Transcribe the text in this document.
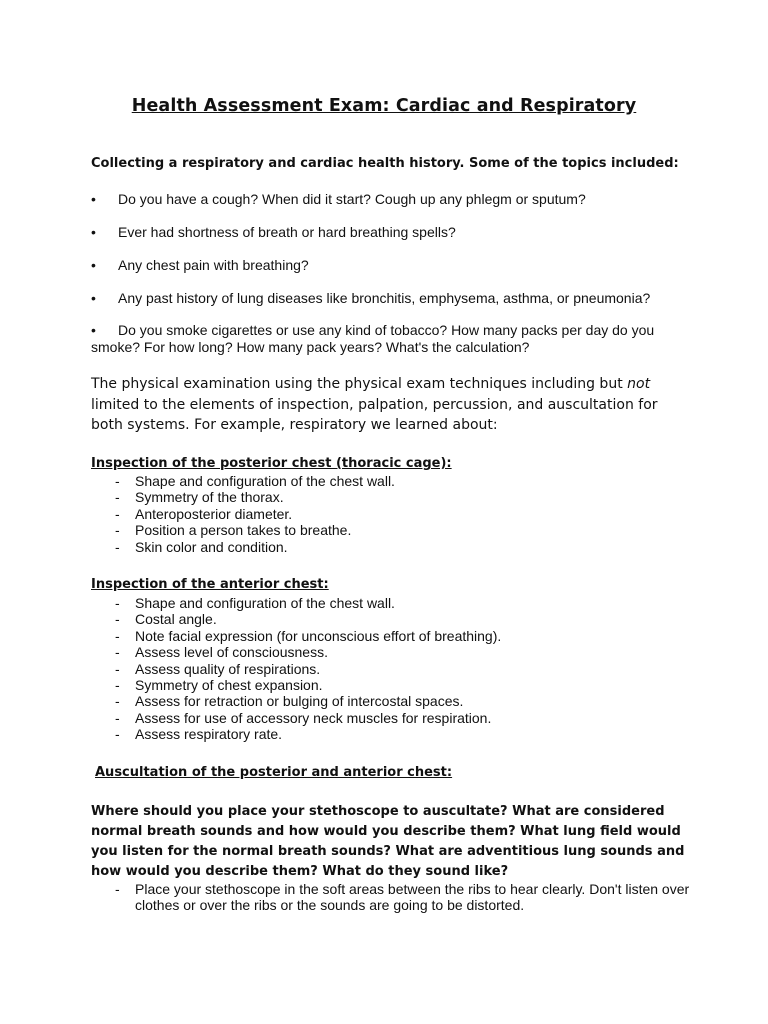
Health Assessment Exam: Cardiac and Respiratory
Collecting a respiratory and cardiac health history. Some of the topics included:
• Do you have a cough? When did it start? Cough up any phlegm or sputum?
• Ever had shortness of breath or hard breathing spells?
• Any chest pain with breathing?
• Any past history of lung diseases like bronchitis, emphysema, asthma, or pneumonia?
• Do you smoke cigarettes or use any kind of tobacco? How many packs per day do you smoke? For how long? How many pack years? What's the calculation?
The physical examination using the physical exam techniques including but not limited to the elements of inspection, palpation, percussion, and auscultation for both systems. For example, respiratory we learned about:
Inspection of the posterior chest (thoracic cage):
- Shape and configuration of the chest wall.
- Symmetry of the thorax.
- Anteroposterior diameter.
- Position a person takes to breathe.
- Skin color and condition.
Inspection of the anterior chest:
- Shape and configuration of the chest wall.
- Costal angle.
- Note facial expression (for unconscious effort of breathing).
- Assess level of consciousness.
- Assess quality of respirations.
- Symmetry of chest expansion.
- Assess for retraction or bulging of intercostal spaces.
- Assess for use of accessory neck muscles for respiration.
- Assess respiratory rate.
Auscultation of the posterior and anterior chest:
Where should you place your stethoscope to auscultate? What are considered normal breath sounds and how would you describe them? What lung field would you listen for the normal breath sounds? What are adventitious lung sounds and how would you describe them? What do they sound like?
- Place your stethoscope in the soft areas between the ribs to hear clearly. Don't listen over clothes or over the ribs or the sounds are going to be distorted.
